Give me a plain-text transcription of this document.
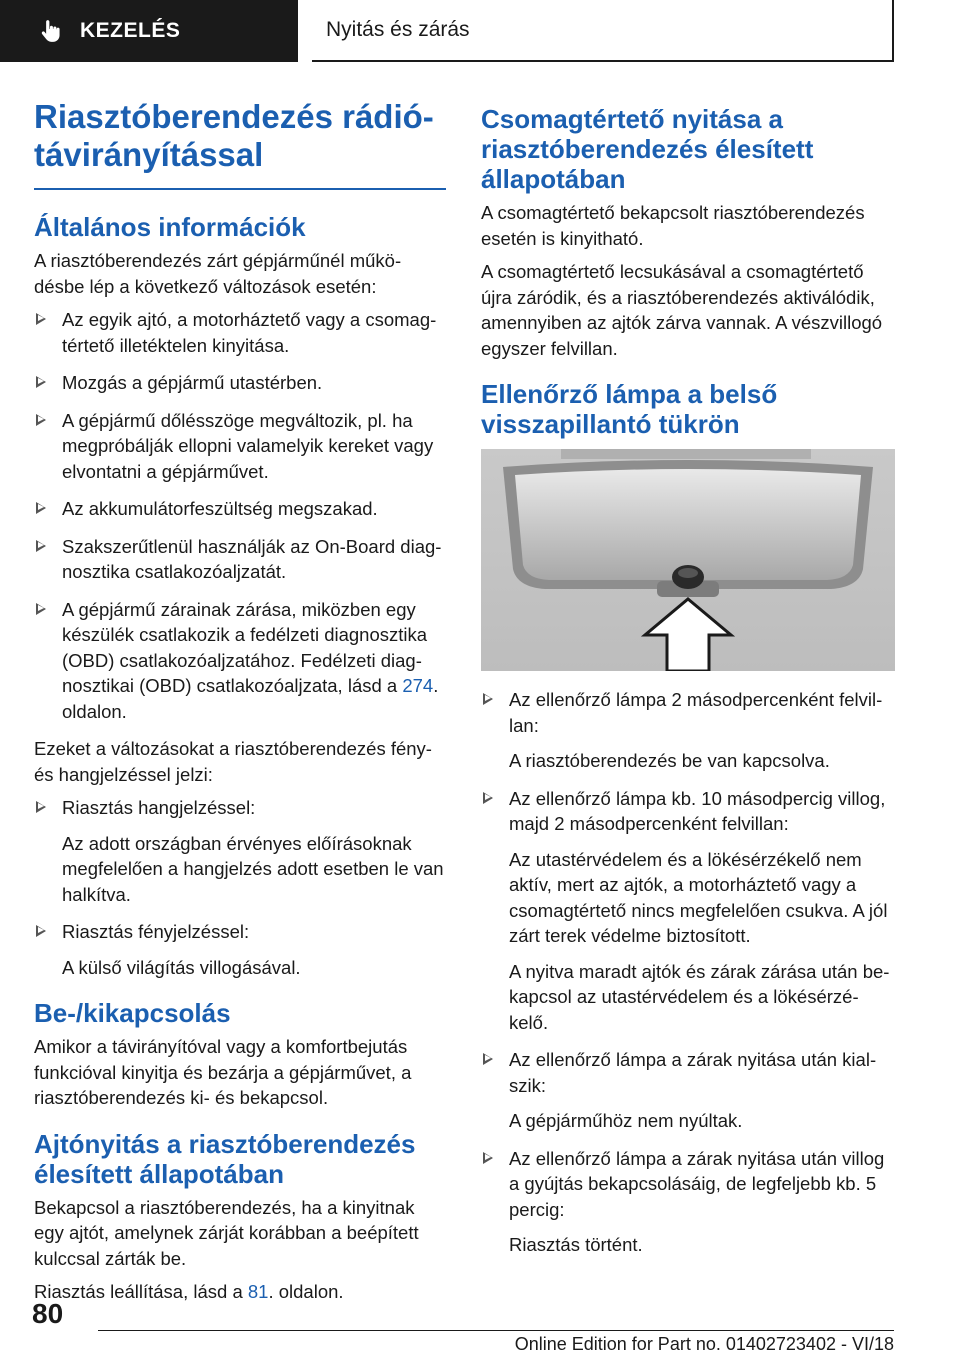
KEZELÉS	Nyitás és zárás
Riasztóberendezés rádió-távirányítással
Általános információk

A riasztóberendezés zárt gépjárműnél műkö-désbe lép a következő változások esetén:

Az egyik ajtó, a motorháztető vagy a csomag-tértető illetéktelen kinyitása.
Mozgás a gépjármű utastérben.
A gépjármű dőlésszöge megváltozik, pl. ha megpróbálják ellopni valamelyik kereket vagy elvontatni a gépjárművet.
Az akkumulátorfeszültség megszakad.
Szakszerűtlenül használják az On-Board diag-nosztika csatlakozóaljzatát.
A gépjármű zárainak zárása, miközben egy készülék csatlakozik a fedélzeti diagnosztika (OBD) csatlakozóaljzatához. Fedélzeti diag-nosztikai (OBD) csatlakozóaljzata, lásd a 274. oldalon.

Ezeket a változásokat a riasztóberendezés fény- és hangjelzéssel jelzi:

Riasztás hangjelzéssel:
Az adott országban érvényes előírásoknak megfelelően a hangjelzés adott esetben le van halkítva.
Riasztás fényjelzéssel:
A külső világítás villogásával.
Be-/kikapcsolás

Amikor a távirányítóval vagy a komfortbejutás funkcióval kinyitja és bezárja a gépjárművet, a riasztóberendezés ki- és bekapcsol.

Ajtónyitás a riasztóberendezés élesített állapotában

Bekapcsol a riasztóberendezés, ha a kinyitnak egy ajtót, amelynek zárját korábban a beépített kulccsal zárták be.

Riasztás leállítása, lásd a 81. oldalon.

Csomagtértető nyitása a riasztóberendezés élesített állapotában

A csomagtértető bekapcsolt riasztóberendezés esetén is kinyitható.

A csomagtértető lecsukásával a csomagtértető újra záródik, és a riasztóberendezés aktiválódik, amennyiben az ajtók zárva vannak. A vészvillogó egyszer felvillan.

Ellenőrző lámpa a belső visszapillantó tükrön
Az ellenőrző lámpa 2 másodpercenként felvil-lan:
A riasztóberendezés be van kapcsolva.
Az ellenőrző lámpa kb. 10 másodpercig villog, majd 2 másodpercenként felvillan:
Az utastérvédelem és a lökésérzékelő nem aktív, mert az ajtók, a motorháztető vagy a csomagtértető nincs megfelelően csukva. A jól zárt terek védelme biztosított.
A nyitva maradt ajtók és zárak zárása után be-kapcsol az utastérvédelem és a lökésérzé-kelő.
Az ellenőrző lámpa a zárak nyitása után kial-szik:
A gépjárműhöz nem nyúltak.
Az ellenőrző lámpa a zárak nyitása után villog a gyújtás bekapcsolásáig, de legfeljebb kb. 5 percig:
Riasztás történt.
80
Online Edition for Part no. 01402723402 - VI/18
